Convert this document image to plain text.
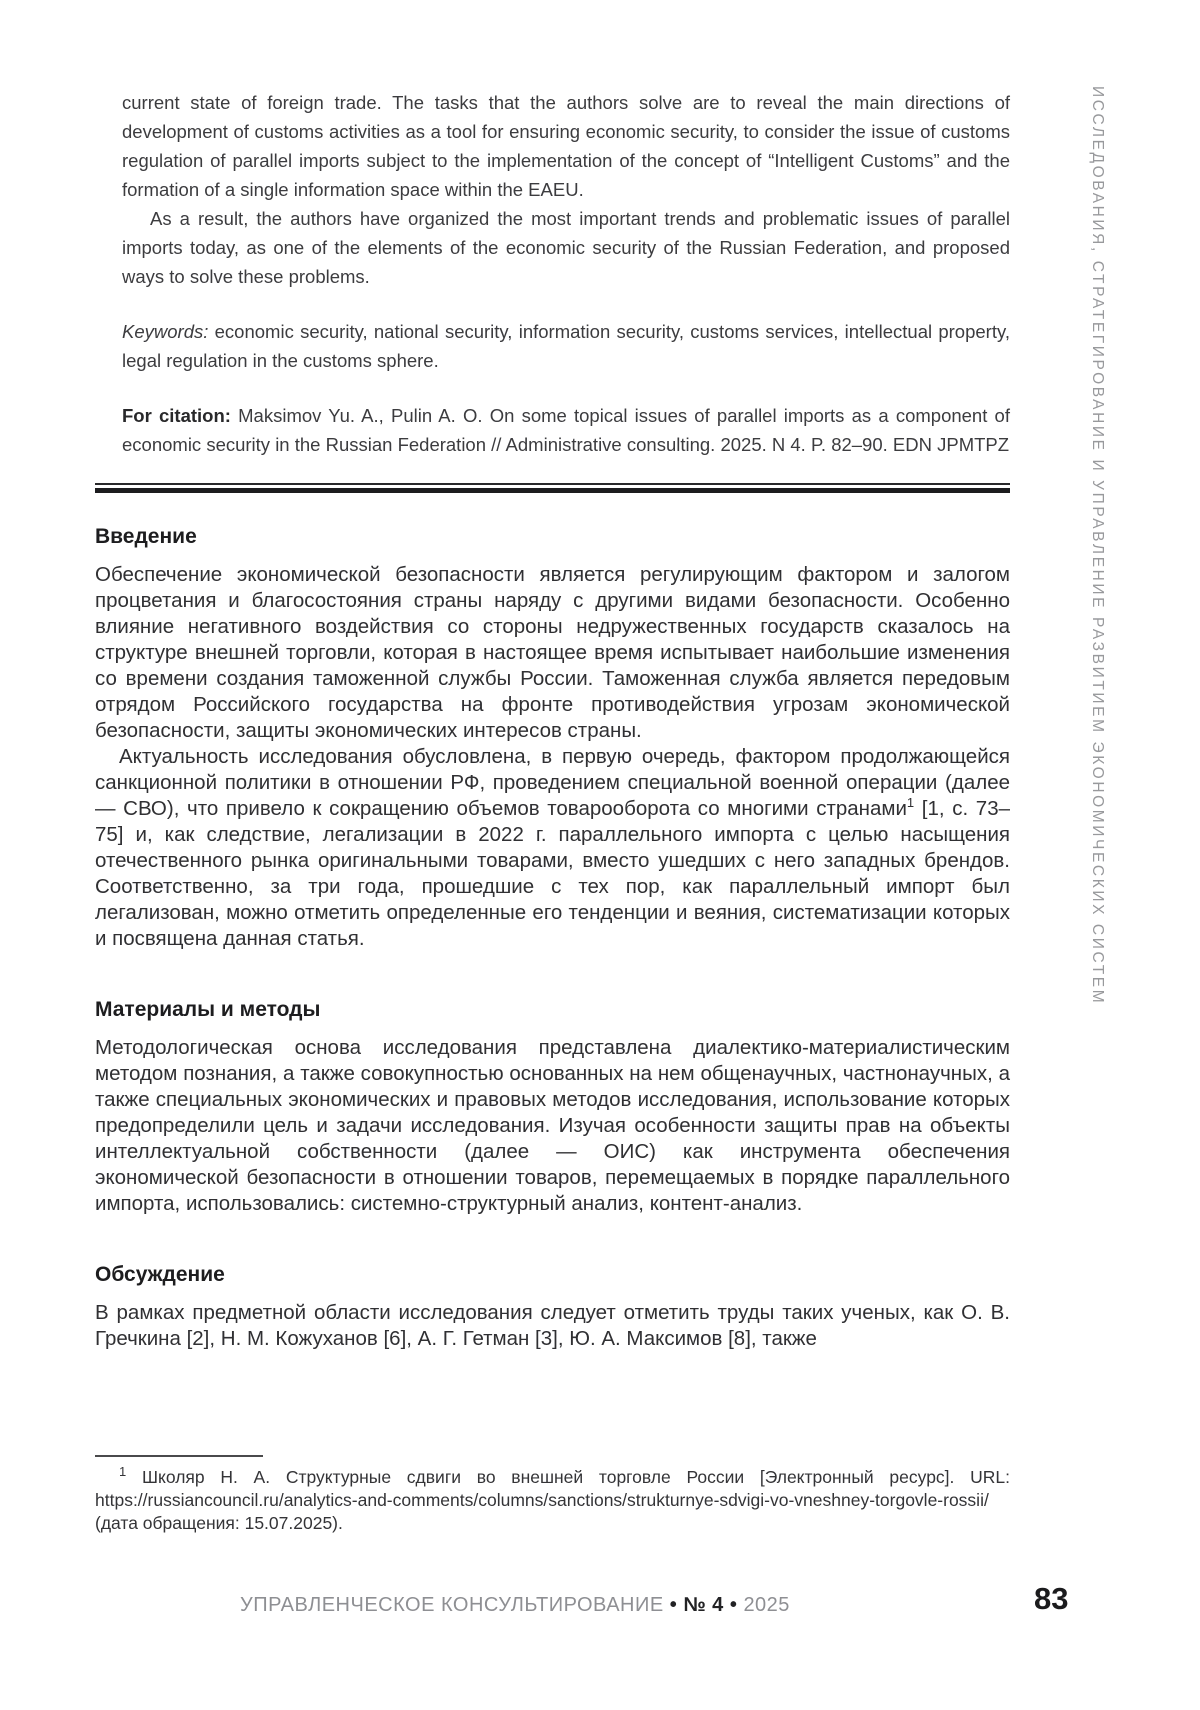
current state of foreign trade. The tasks that the authors solve are to reveal the main directions of development of customs activities as a tool for ensuring economic security, to consider the issue of customs regulation of parallel imports subject to the implementation of the concept of “Intelligent Customs” and the formation of a single information space within the EAEU.

As a result, the authors have organized the most important trends and problematic issues of parallel imports today, as one of the elements of the economic security of the Russian Federation, and proposed ways to solve these problems.

Keywords: economic security, national security, information security, customs services, intellectual property, legal regulation in the customs sphere.

For citation: Maksimov Yu. A., Pulin A. O. On some topical issues of parallel imports as a component of economic security in the Russian Federation // Administrative consulting. 2025. N 4. P. 82–90. EDN JPMTPZ

Введение

Обеспечение экономической безопасности является регулирующим фактором и залогом процветания и благосостояния страны наряду с другими видами безопасности. Особенно влияние негативного воздействия со стороны недружественных государств сказалось на структуре внешней торговли, которая в настоящее время испытывает наибольшие изменения со времени создания таможенной службы России. Таможенная служба является передовым отрядом Российского государства на фронте противодействия угрозам экономической безопасности, защиты экономических интересов страны.

Актуальность исследования обусловлена, в первую очередь, фактором продолжающейся санкционной политики в отношении РФ, проведением специальной военной операции (далее — СВО), что привело к сокращению объемов товарооборота со многими странами$^1$ [1, с. 73–75] и, как следствие, легализации в 2022 г. параллельного импорта с целью насыщения отечественного рынка оригинальными товарами, вместо ушедших с него западных брендов. Соответственно, за три года, прошедшие с тех пор, как параллельный импорт был легализован, можно отметить определенные его тенденции и веяния, систематизации которых и посвящена данная статья.

Материалы и методы

Методологическая основа исследования представлена диалектико-материалистическим методом познания, а также совокупностью основанных на нем общенаучных, частнонаучных, а также специальных экономических и правовых методов исследования, использование которых предопределили цель и задачи исследования. Изучая особенности защиты прав на объекты интеллектуальной собственности (далее — ОИС) как инструмента обеспечения экономической безопасности в отношении товаров, перемещаемых в порядке параллельного импорта, использовались: системно-структурный анализ, контент-анализ.

Обсуждение

В рамках предметной области исследования следует отметить труды таких ученых, как О. В. Гречкина [2], Н. М. Кожуханов [6], А. Г. Гетман [3], Ю. А. Максимов [8], также

$^1$ Школяр Н. А. Структурные сдвиги во внешней торговле России [Электронный ресурс]. URL: https://russiancouncil.ru/analytics-and-comments/columns/sanctions/strukturnye-sdvigi-vo-vneshney-torgovle-rossii/ (дата обращения: 15.07.2025).

УПРАВЛЕНЧЕСКОЕ КОНСУЛЬТИРОВАНИЕ • № 4 • 2025	83
ИССЛЕДОВАНИЯ, СТРАТЕГИРОВАНИЕ И УПРАВЛЕНИЕ РАЗВИТИЕМ ЭКОНОМИЧЕСКИХ СИСТЕМ
